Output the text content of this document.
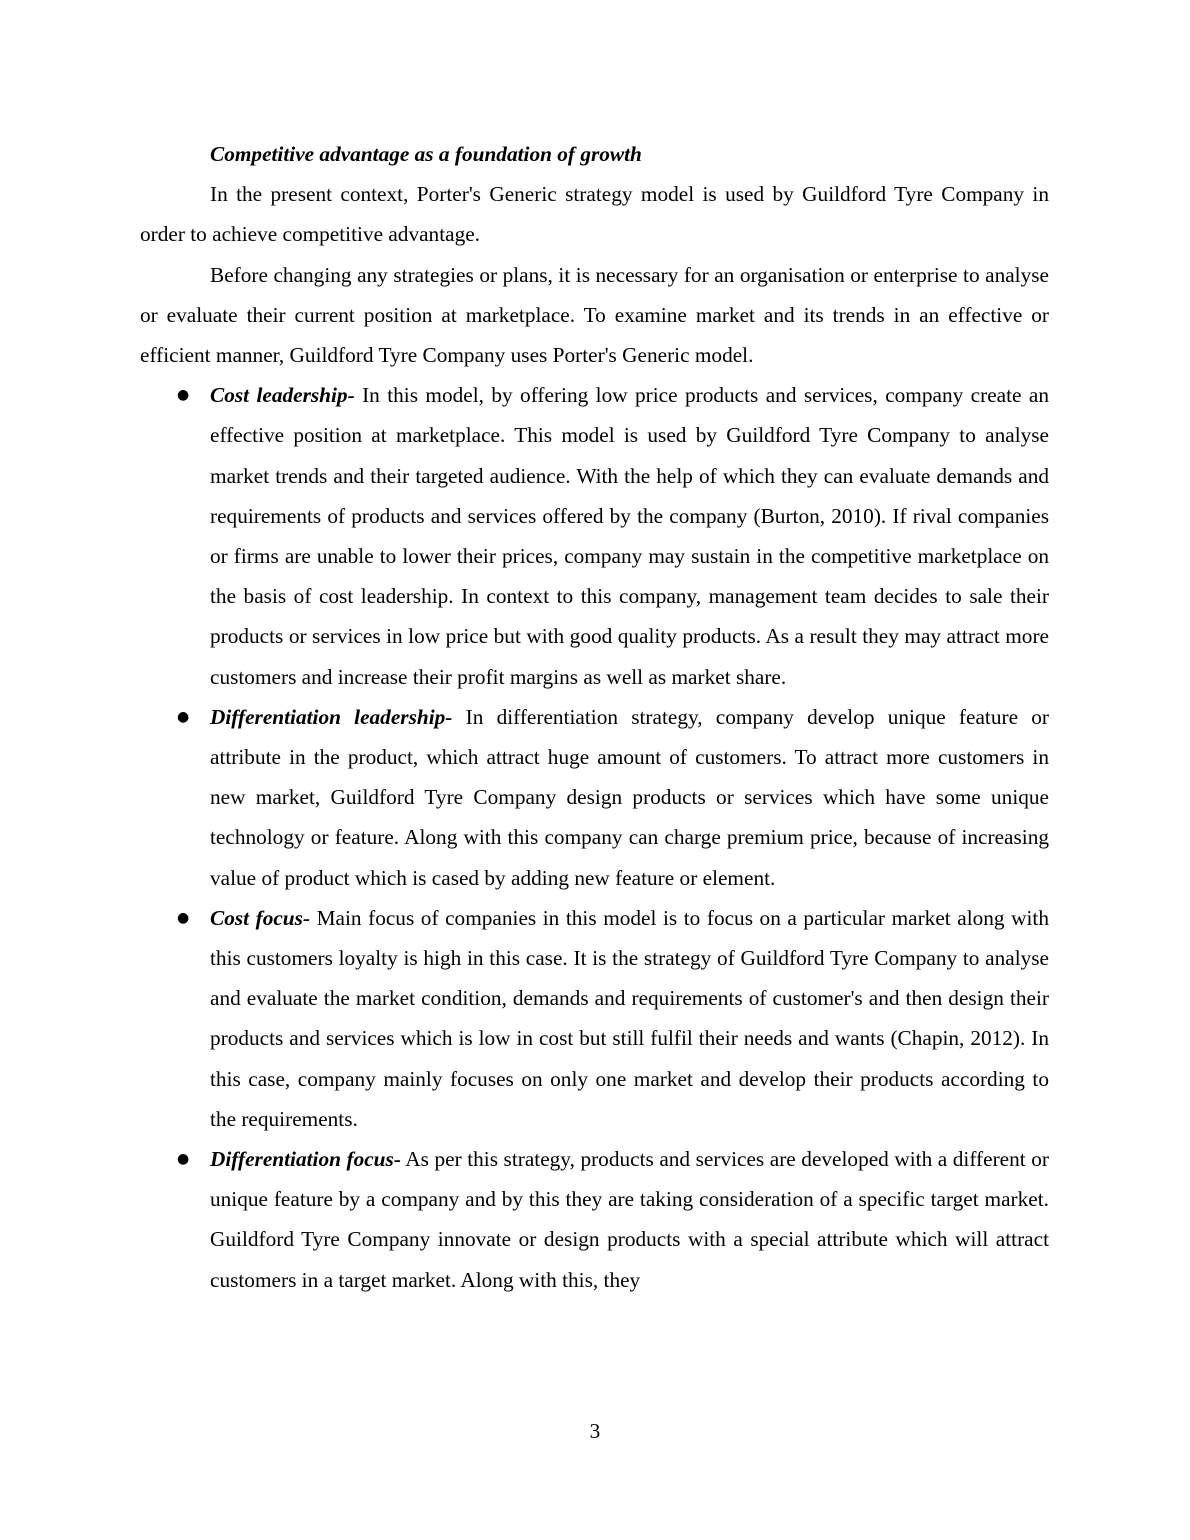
Competitive advantage as a foundation of growth

In the present context, Porter's Generic strategy model is used by Guildford Tyre Company in order to achieve competitive advantage.

Before changing any strategies or plans, it is necessary for an organisation or enterprise to analyse or evaluate their current position at marketplace. To examine market and its trends in an effective or efficient manner, Guildford Tyre Company uses Porter's Generic model.

● Cost leadership- In this model, by offering low price products and services, company create an effective position at marketplace. This model is used by Guildford Tyre Company to analyse market trends and their targeted audience. With the help of which they can evaluate demands and requirements of products and services offered by the company (Burton, 2010). If rival companies or firms are unable to lower their prices, company may sustain in the competitive marketplace on the basis of cost leadership. In context to this company, management team decides to sale their products or services in low price but with good quality products. As a result they may attract more customers and increase their profit margins as well as market share.
● Differentiation leadership- In differentiation strategy, company develop unique feature or attribute in the product, which attract huge amount of customers. To attract more customers in new market, Guildford Tyre Company design products or services which have some unique technology or feature. Along with this company can charge premium price, because of increasing value of product which is cased by adding new feature or element.
● Cost focus- Main focus of companies in this model is to focus on a particular market along with this customers loyalty is high in this case. It is the strategy of Guildford Tyre Company to analyse and evaluate the market condition, demands and requirements of customer's and then design their products and services which is low in cost but still fulfil their needs and wants (Chapin, 2012). In this case, company mainly focuses on only one market and develop their products according to the requirements.
● Differentiation focus- As per this strategy, products and services are developed with a different or unique feature by a company and by this they are taking consideration of a specific target market. Guildford Tyre Company innovate or design products with a special attribute which will attract customers in a target market. Along with this, they
3
